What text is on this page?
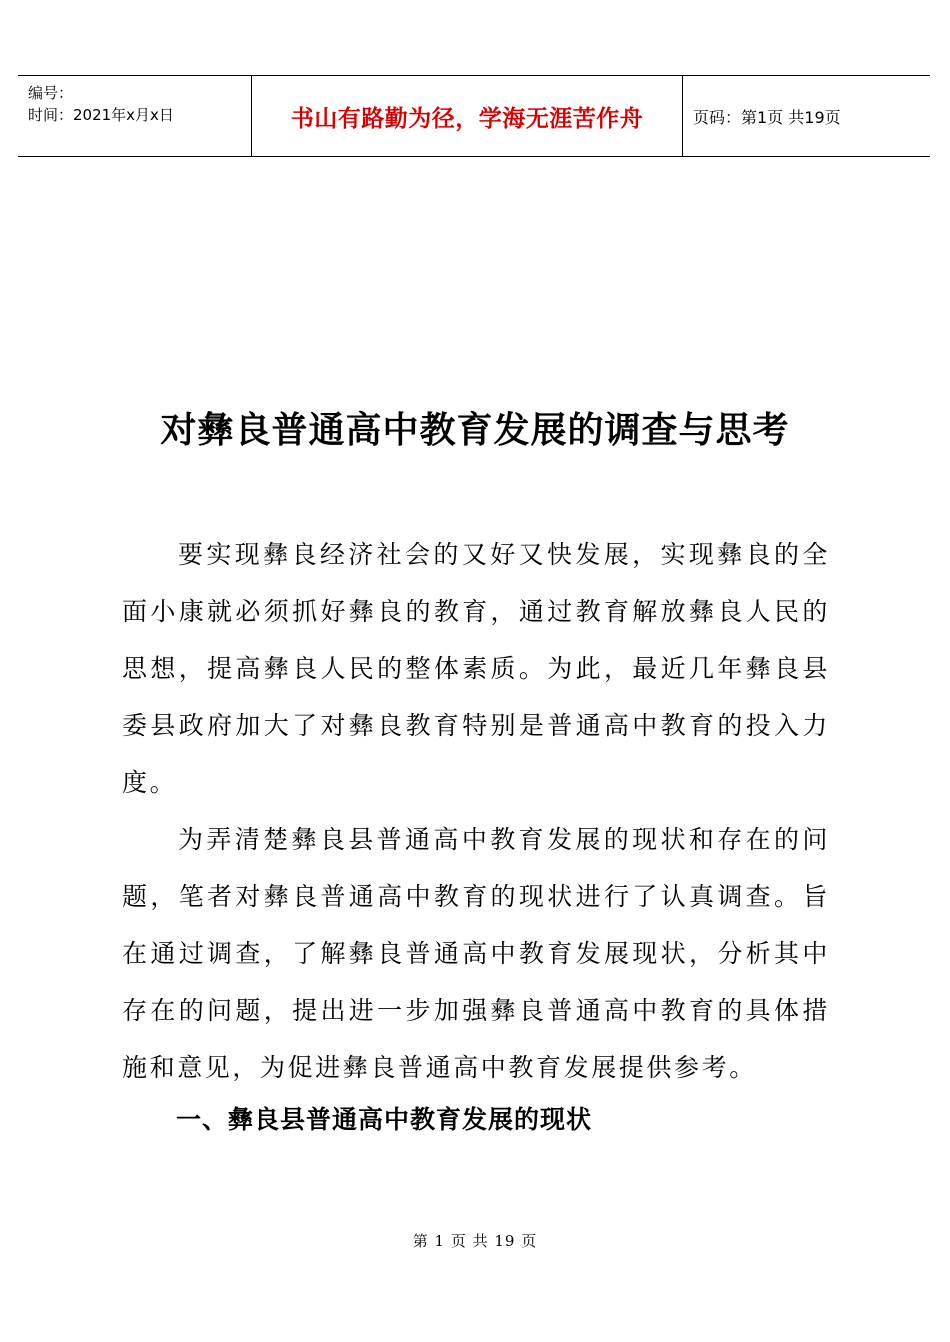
编号：
时间：2021年x月x日	书山有路勤为径，学海无涯苦作舟	页码：第1页 共19页
对彝良普通高中教育发展的调查与思考

要实现彝良经济社会的又好又快发展，实现彝良的全面小康就必须抓好彝良的教育，通过教育解放彝良人民的思想，提高彝良人民的整体素质。为此，最近几年彝良县委县政府加大了对彝良教育特别是普通高中教育的投入力度。

为弄清楚彝良县普通高中教育发展的现状和存在的问题，笔者对彝良普通高中教育的现状进行了认真调查。旨在通过调查，了解彝良普通高中教育发展现状，分析其中存在的问题，提出进一步加强彝良普通高中教育的具体措施和意见，为促进彝良普通高中教育发展提供参考。

一、彝良县普通高中教育发展的现状
第 1 页 共 19 页
